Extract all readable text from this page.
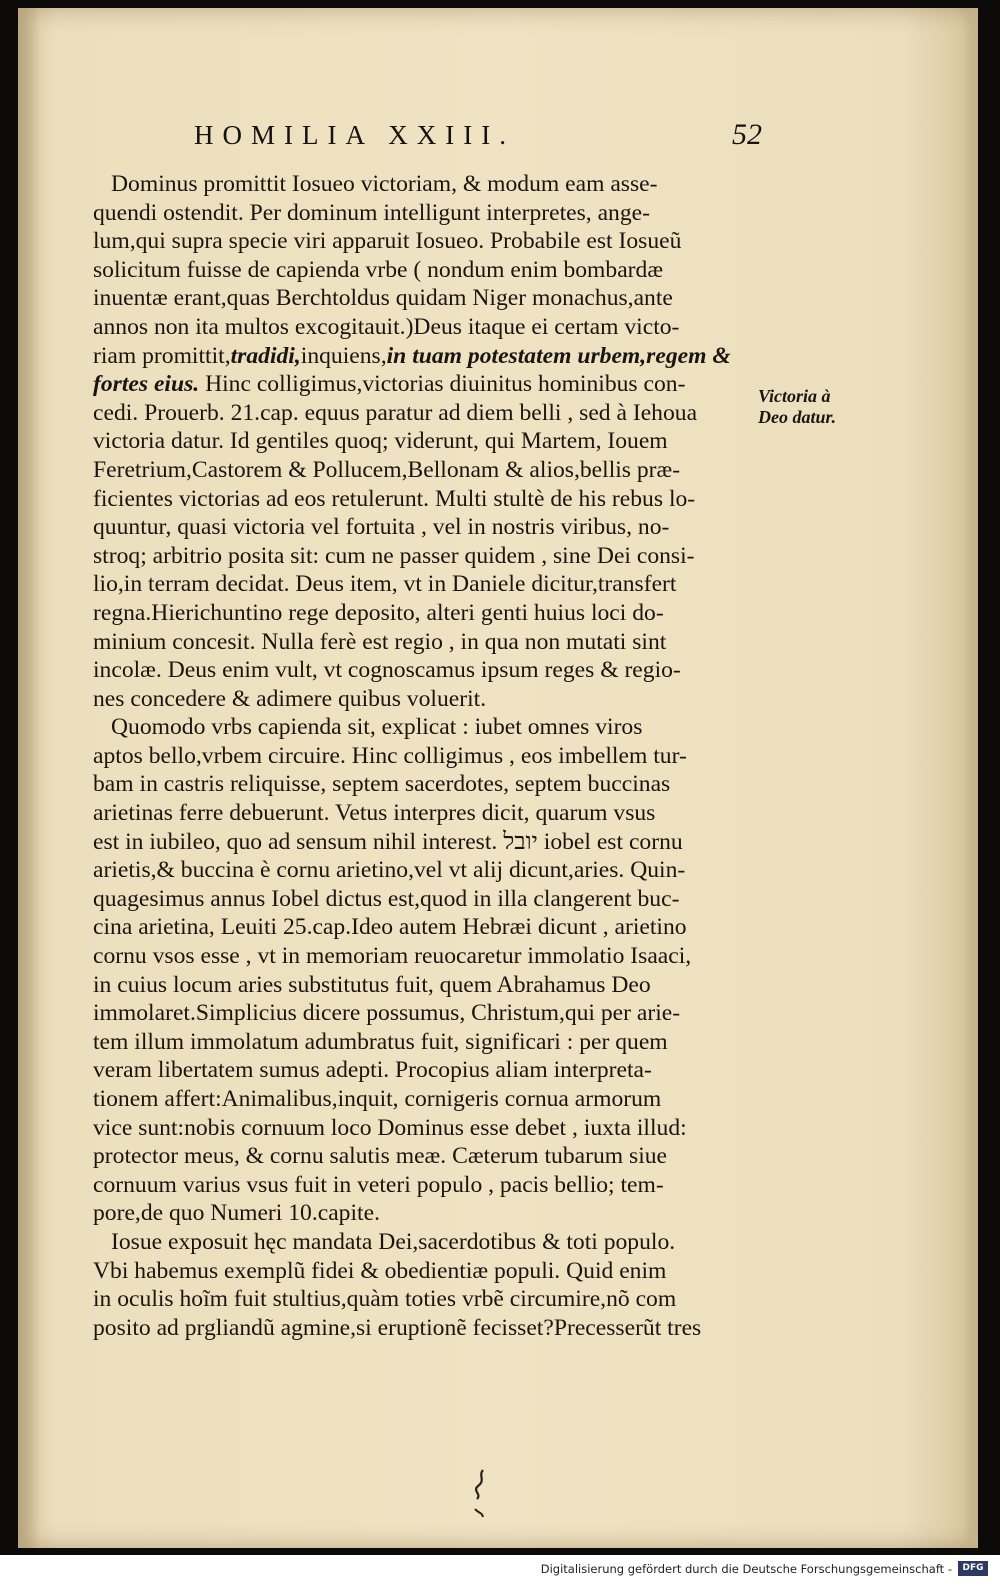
HOMILIA XXIII.	52
Dominus promittit Iosueo victoriam, & modum eam asse-
quendi ostendit. Per dominum intelligunt interpretes, ange-
lum,qui supra specie viri apparuit Iosueo. Probabile est Iosueũ
solicitum fuisse de capienda vrbe ( nondum enim bombardæ
inuentæ erant,quas Berchtoldus quidam Niger monachus,ante
annos non ita multos excogitauit.)Deus itaque ei certam victo-
riam promittit,tradidi,inquiens,in tuam potestatem urbem,regem &
fortes eius. Hinc colligimus,victorias diuinitus hominibus con-
cedi. Prouerb. 21.cap. equus paratur ad diem belli , sed à Iehoua
victoria datur. Id gentiles quoq; viderunt, qui Martem, Iouem
Feretrium,Castorem & Pollucem,Bellonam & alios,bellis præ-
ficientes victorias ad eos retulerunt. Multi stultè de his rebus lo-
quuntur, quasi victoria vel fortuita , vel in nostris viribus, no-
stroq; arbitrio posita sit: cum ne passer quidem , sine Dei consi-
lio,in terram decidat. Deus item, vt in Daniele dicitur,transfert
regna.Hierichuntino rege deposito, alteri genti huius loci do-
minium concesit. Nulla ferè est regio , in qua non mutati sint
incolæ. Deus enim vult, vt cognoscamus ipsum reges & regio-
nes concedere & adimere quibus voluerit.
Quomodo vrbs capienda sit, explicat : iubet omnes viros
aptos bello,vrbem circuire. Hinc colligimus , eos imbellem tur-
bam in castris reliquisse, septem sacerdotes, septem buccinas
arietinas ferre debuerunt. Vetus interpres dicit, quarum vsus
est in iubileo, quo ad sensum nihil interest. יובל iobel est cornu
arietis,& buccina è cornu arietino,vel vt alij dicunt,aries. Quin-
quagesimus annus Iobel dictus est,quod in illa clangerent buc-
cina arietina, Leuiti 25.cap.Ideo autem Hebræi dicunt , arietino
cornu vsos esse , vt in memoriam reuocaretur immolatio Isaaci,
in cuius locum aries substitutus fuit, quem Abrahamus Deo
immolaret.Simplicius dicere possumus, Christum,qui per arie-
tem illum immolatum adumbratus fuit, significari : per quem
veram libertatem sumus adepti. Procopius aliam interpreta-
tionem affert:Animalibus,inquit, cornigeris cornua armorum
vice sunt:nobis cornuum loco Dominus esse debet , iuxta illud:
protector meus, & cornu salutis meæ. Cæterum tubarum siue
cornuum varius vsus fuit in veteri populo , pacis bellio; tem-
pore,de quo Numeri 10.capite.
Iosue exposuit hęc mandata Dei,sacerdotibus & toti populo.
Vbi habemus exemplũ fidei & obedientiæ populi. Quid enim
in oculis hoĩm fuit stultius,quàm toties vrbẽ circumire,nõ com
posito ad prgliandũ agmine,si eruptionẽ fecisset?Precesserũt tres
Victoria à
Deo datur.
Digitalisierung gefördert durch die Deutsche Forschungsgemeinschaft -	DFG
